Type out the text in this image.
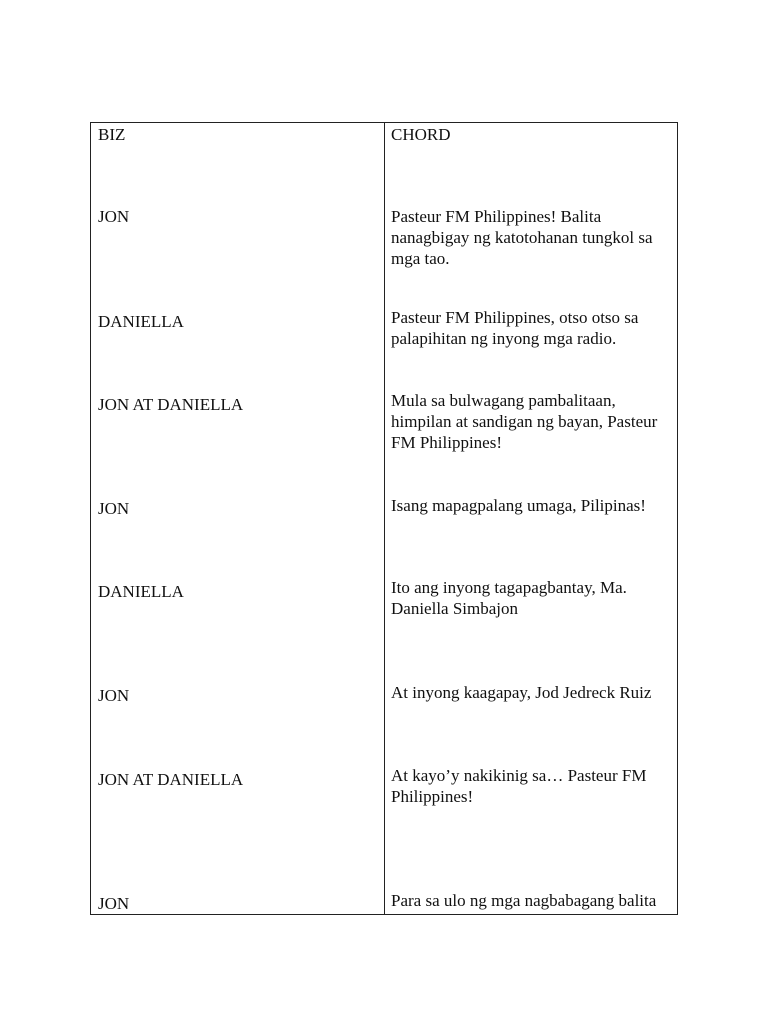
BIZ	CHORD
JON	Pasteur FM Philippines! Balita nanagbigay ng katotohanan tungkol sa mga tao.
DANIELLA	Pasteur FM Philippines, otso otso sa palapihitan ng inyong mga radio.
JON AT DANIELLA	Mula sa bulwagang pambalitaan, himpilan at sandigan ng bayan, Pasteur FM Philippines!
JON	Isang mapagpalang umaga, Pilipinas!
DANIELLA	Ito ang inyong tagapagbantay, Ma. Daniella Simbajon
JON	At inyong kaagapay, Jod Jedreck Ruiz
JON AT DANIELLA	At kayo’y nakikinig sa… Pasteur FM Philippines!
JON	Para sa ulo ng mga nagbabagang balita
